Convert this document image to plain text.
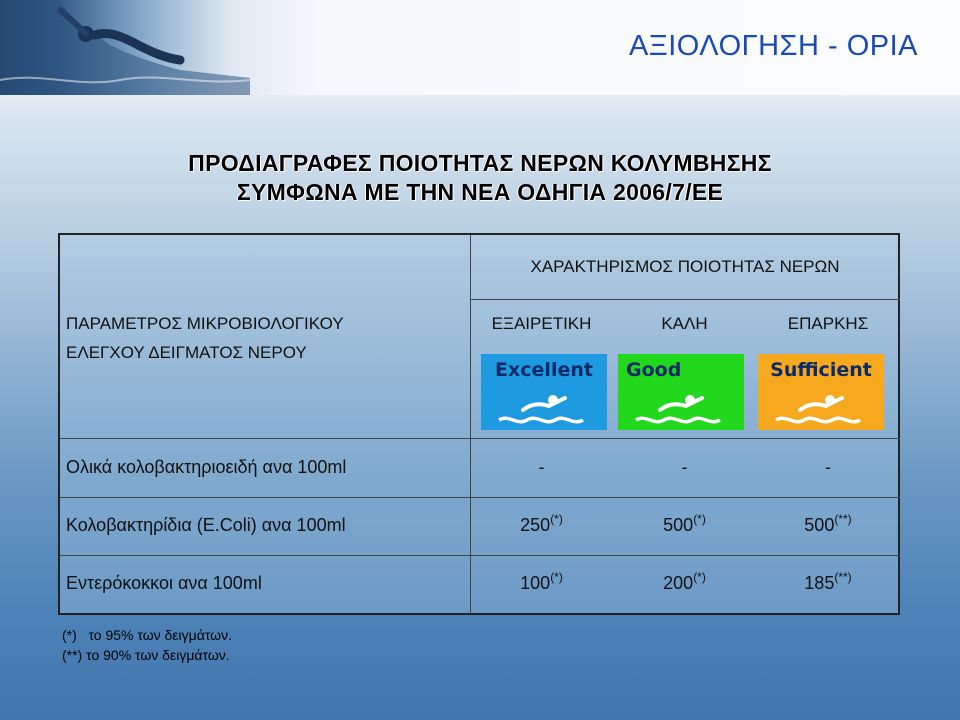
ΑΞΙΟΛΟΓΗΣΗ - ΟΡΙΑ
ΠΡΟΔΙΑΓΡΑΦΕΣ ΠΟΙΟΤΗΤΑΣ ΝΕΡΩΝ ΚΟΛΥΜΒΗΣΗΣ
ΣΥΜΦΩΝΑ ΜΕ ΤΗΝ ΝΕΑ ΟΔΗΓΙΑ 2006/7/ΕΕ
ΧΑΡΑΚΤΗΡΙΣΜΟΣ ΠΟΙΟΤΗΤΑΣ ΝΕΡΩΝ
ΠΑΡΑΜΕΤΡΟΣ ΜΙΚΡΟΒΙΟΛΟΓΙΚΟΥ
ΕΛΕΓΧΟΥ ΔΕΙΓΜΑΤΟΣ ΝΕΡΟΥ
ΕΞΑΙΡΕΤΙΚΗ	ΚΑΛΗ	ΕΠΑΡΚΗΣ
Excellent	Good	Sufficient
Ολικά κολοβακτηριοειδή ανα 100ml	-	-	-
Κολοβακτηρίδια (E.Coli) ανα 100ml	250(*)	500(*)	500(**)
Εντερόκοκκοι ανα 100ml	100(*)	200(*)	185(**)
(*)   το 95% των δειγμάτων.
(**) το 90% των δειγμάτων.
